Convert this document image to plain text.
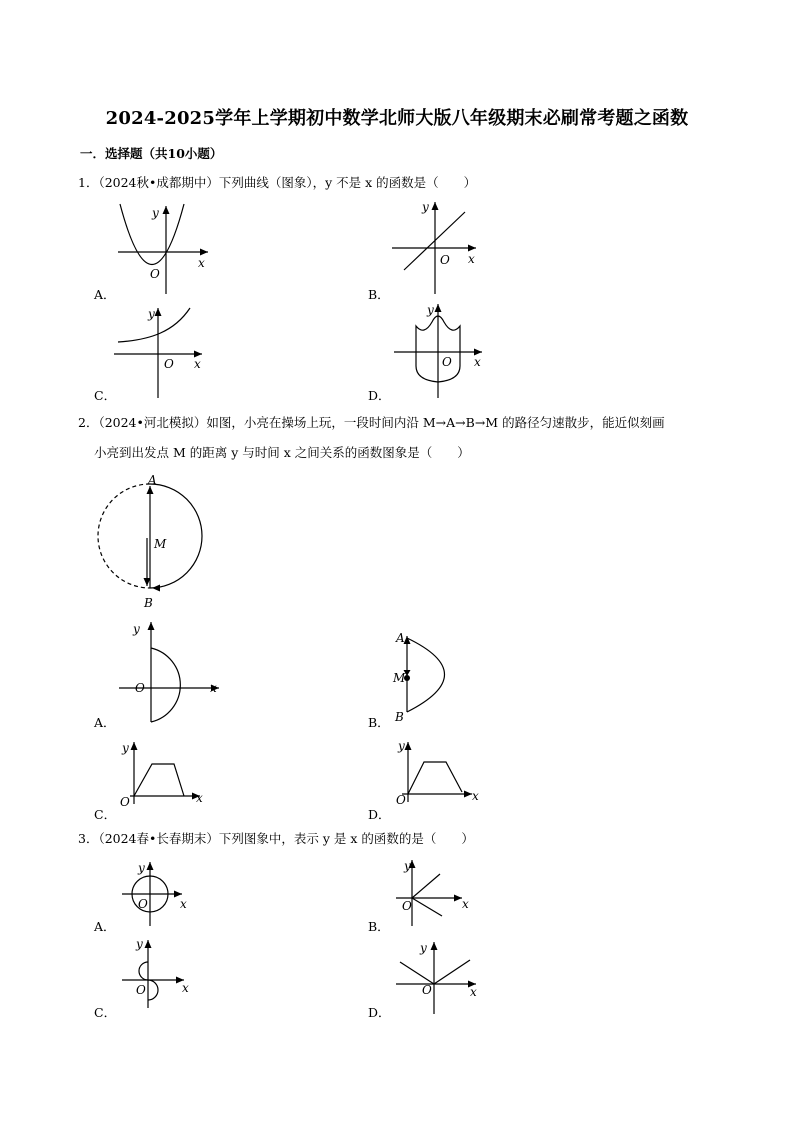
2024-2025学年上学期初中数学北师大版八年级期末必刷常考题之函数
一．选择题（共10小题）
1．（2024秋•成都期中）下列曲线（图象），y 不是 x 的函数是（　　）
A．
x
y
O
B．
x
y
O
C．
x
y
O
D．
x
y
O
2．（2024•河北模拟）如图，小亮在操场上玩，一段时间内沿 M→A→B→M 的路径匀速散步，能近似刻画
小亮到出发点 M 的距离 y 与时间 x 之间关系的函数图象是（　　）
A
M
B
A．
x
y
O
B．
A
M
B
C．
x
y
O
D．
x
y
O
3．（2024春•长春期末）下列图象中，表示 y 是 x 的函数的是（　　）
A．
x
y
O
B．
x
y
O
C．
x
y
O
D．
x
y
O
